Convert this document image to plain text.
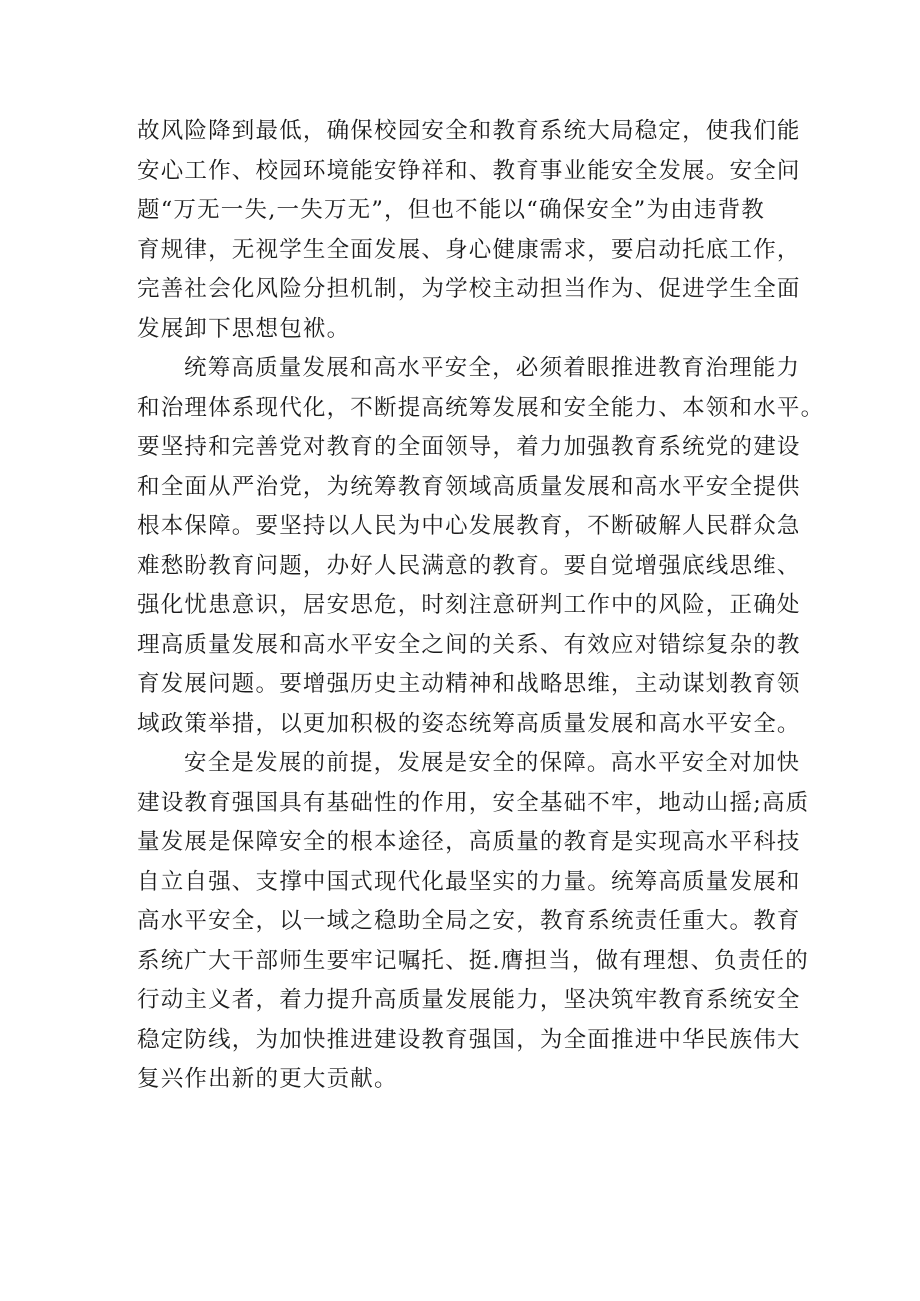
故风险降到最低，确保校园安全和教育系统大局稳定，使我们能
安心工作、校园环境能安铮祥和、教育事业能安全发展。安全问
题“万无一失,一失万无”，但也不能以“确保安全”为由违背教
育规律，无视学生全面发展、身心健康需求，要启动托底工作，
完善社会化风险分担机制，为学校主动担当作为、促进学生全面
发展卸下思想包袱。
统筹高质量发展和高水平安全，必须着眼推进教育治理能力
和治理体系现代化，不断提高统筹发展和安全能力、本领和水平。
要坚持和完善党对教育的全面领导，着力加强教育系统党的建设
和全面从严治党，为统筹教育领域高质量发展和高水平安全提供
根本保障。要坚持以人民为中心发展教育，不断破解人民群众急
难愁盼教育问题，办好人民满意的教育。要自觉增强底线思维、
强化忧患意识，居安思危，时刻注意研判工作中的风险，正确处
理高质量发展和高水平安全之间的关系、有效应对错综复杂的教
育发展问题。要增强历史主动精神和战略思维，主动谋划教育领
域政策举措，以更加积极的姿态统筹高质量发展和高水平安全。
安全是发展的前提，发展是安全的保障。高水平安全对加快
建设教育强国具有基础性的作用，安全基础不牢，地动山摇;高质
量发展是保障安全的根本途径，高质量的教育是实现高水平科技
自立自强、支撑中国式现代化最坚实的力量。统筹高质量发展和
高水平安全，以一域之稳助全局之安，教育系统责任重大。教育
系统广大干部师生要牢记嘱托、挺.膺担当，做有理想、负责任的
行动主义者，着力提升高质量发展能力，坚决筑牢教育系统安全
稳定防线，为加快推进建设教育强国，为全面推进中华民族伟大
复兴作出新的更大贡献。
